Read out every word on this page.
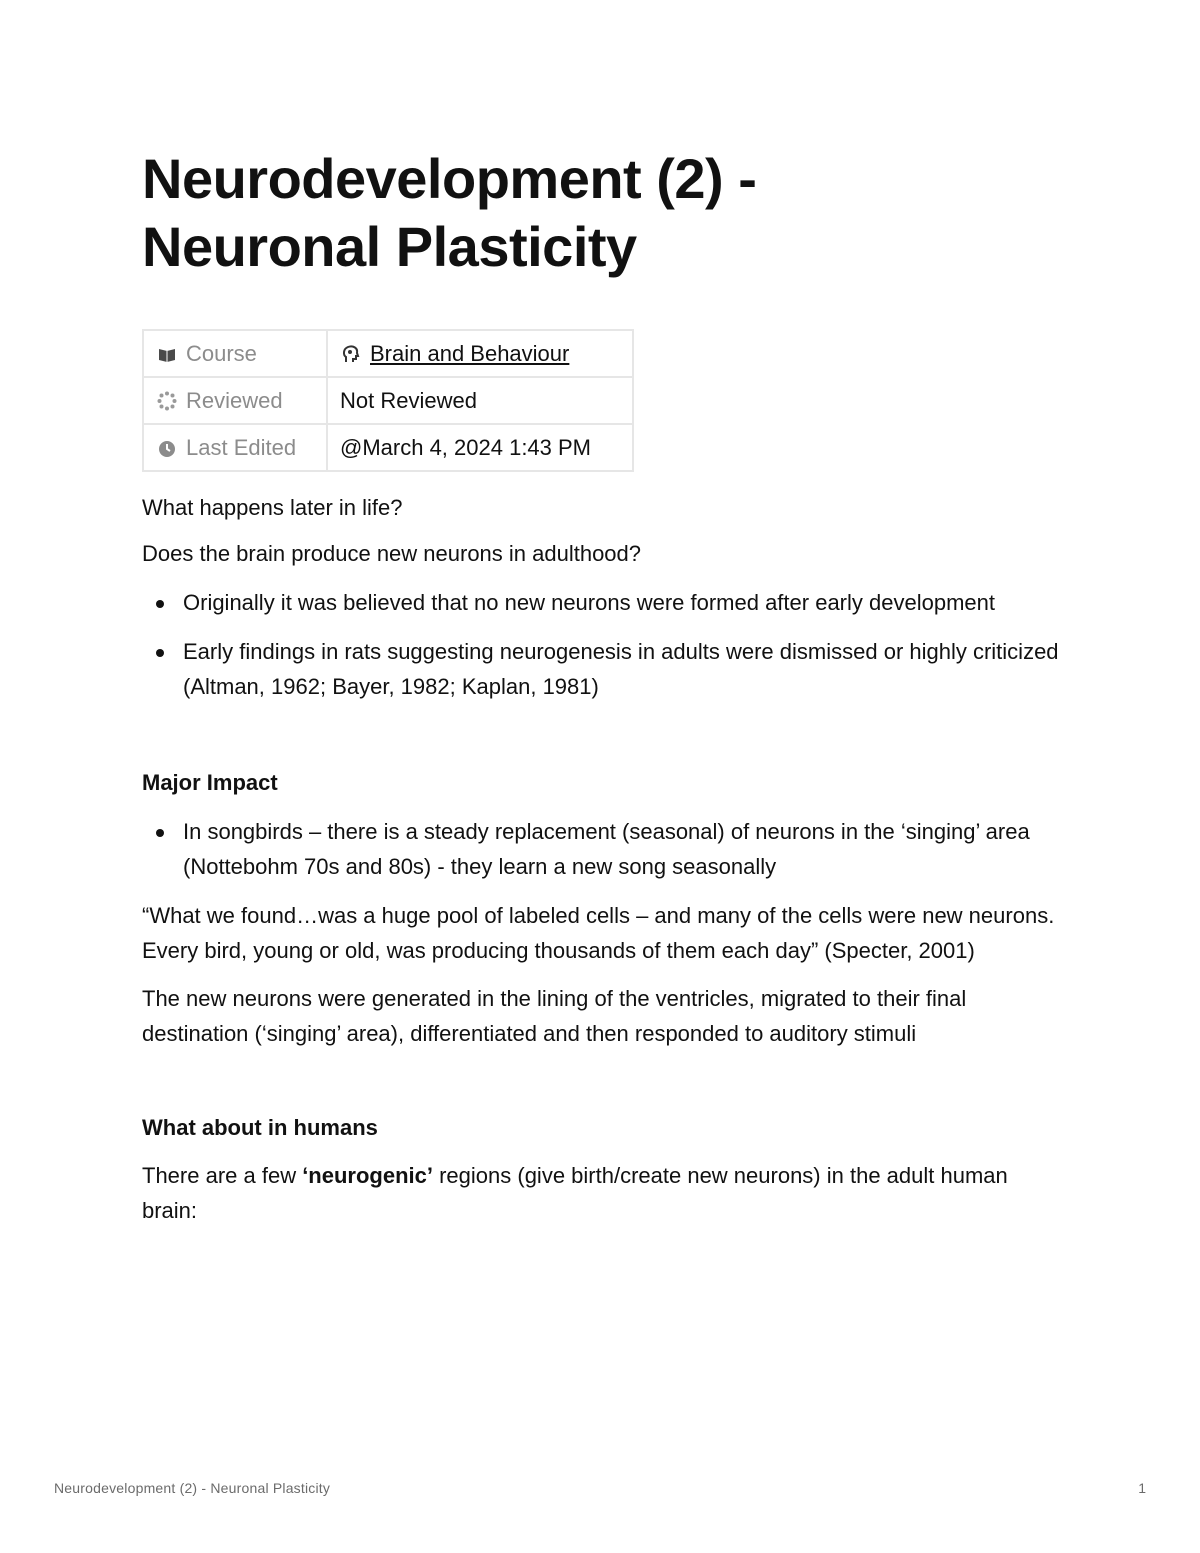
Neurodevelopment (2) -
Neuronal Plasticity
Course	Brain and Behaviour
Reviewed	Not Reviewed
Last Edited	@March 4, 2024 1:43 PM

What happens later in life?

Does the brain produce new neurons in adulthood?

Originally it was believed that no new neurons were formed after early development
Early findings in rats suggesting neurogenesis in adults were dismissed or highly criticized (Altman, 1962; Bayer, 1982; Kaplan, 1981)

Major Impact

In songbirds – there is a steady replacement (seasonal) of neurons in the ‘singing’ area (Nottebohm 70s and 80s) - they learn a new song seasonally

“What we found…was a huge pool of labeled cells – and many of the cells were new neurons. Every bird, young or old, was producing thousands of them each day” (Specter, 2001)

The new neurons were generated in the lining of the ventricles, migrated to their final destination (‘singing’ area), differentiated and then responded to auditory stimuli

What about in humans

There are a few ‘neurogenic’ regions (give birth/create new neurons) in the adult human brain:

Neurodevelopment (2) - Neuronal Plasticity	1
